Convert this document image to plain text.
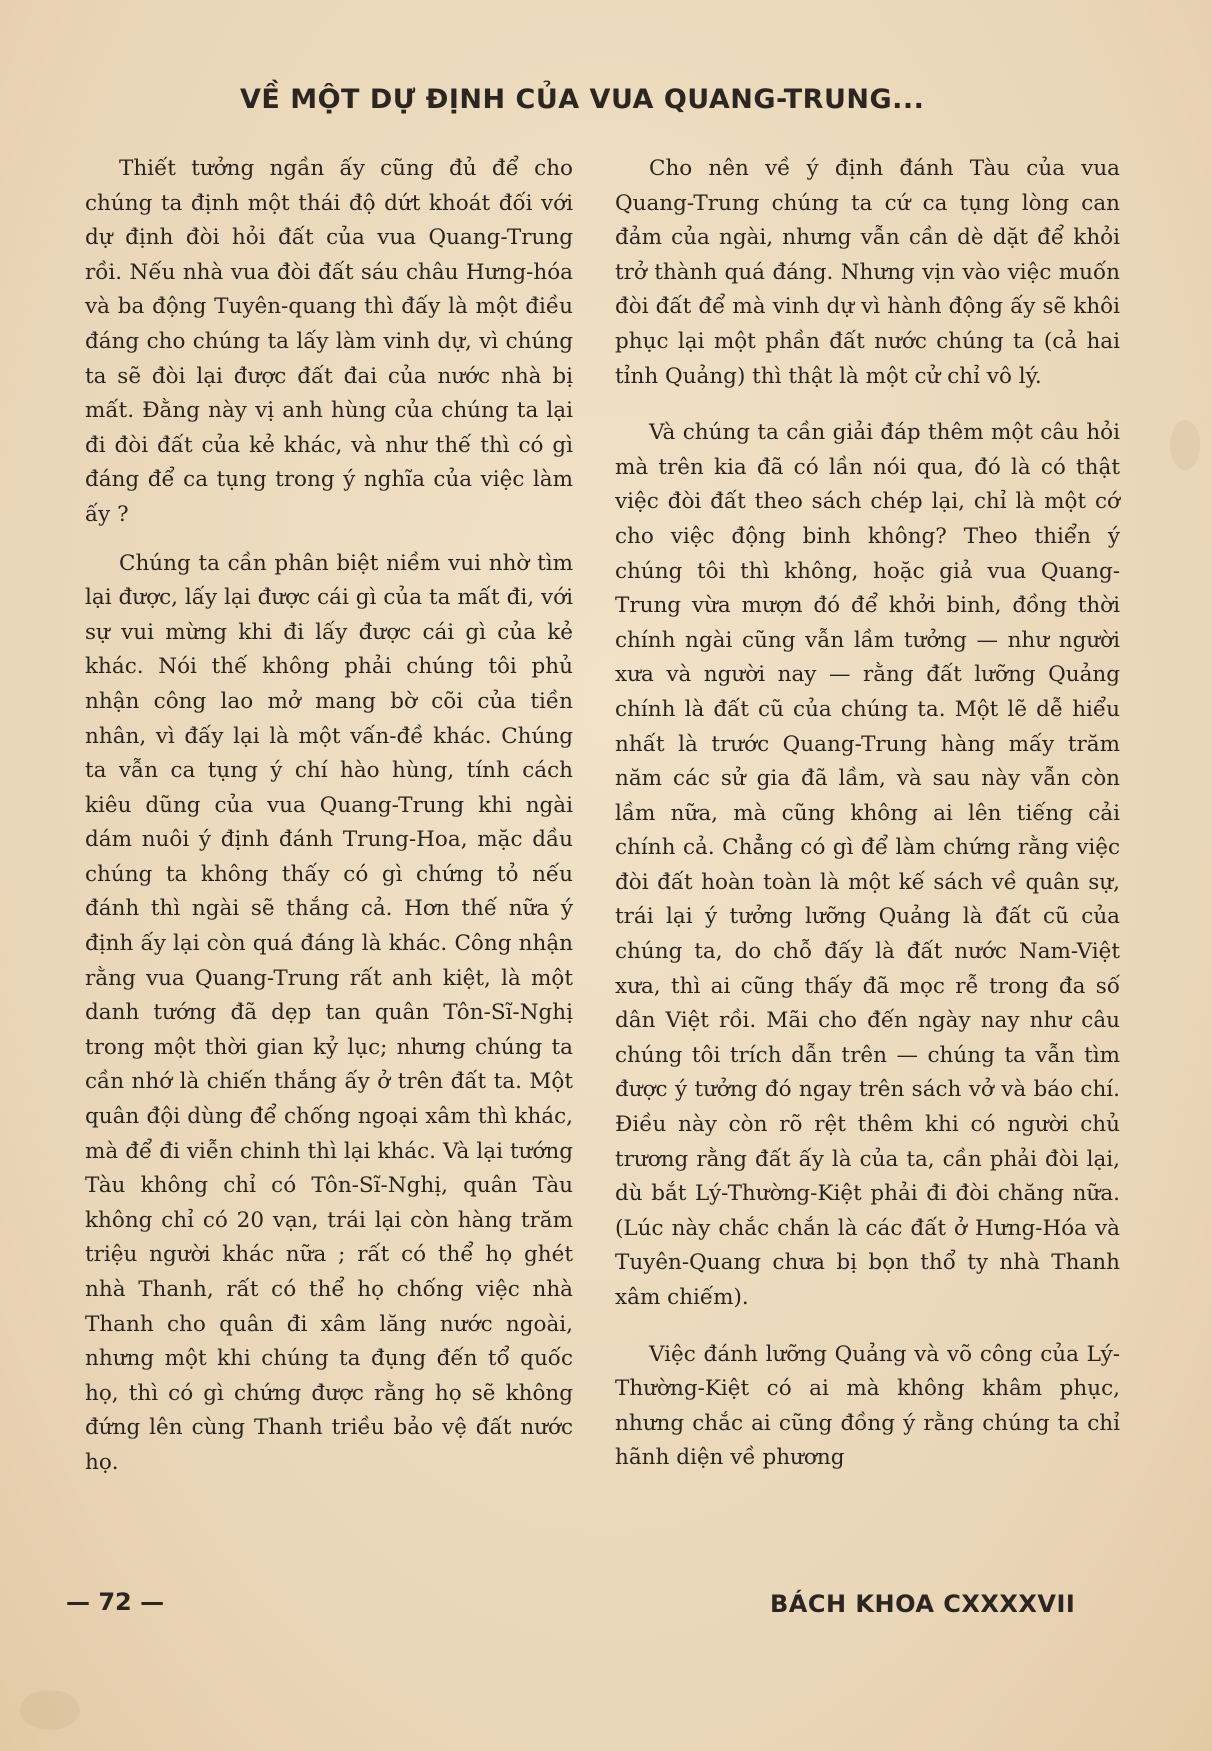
VỀ MỘT DỰ ĐỊNH CỦA VUA QUANG-TRUNG...

Thiết tưởng ngần ấy cũng đủ để cho chúng ta định một thái độ dứt khoát đối với dự định đòi hỏi đất của vua Quang-Trung rồi. Nếu nhà vua đòi đất sáu châu Hưng-hóa và ba động Tuyên-quang thì đấy là một điều đáng cho chúng ta lấy làm vinh dự, vì chúng ta sẽ đòi lại được đất đai của nước nhà bị mất. Đằng này vị anh hùng của chúng ta lại đi đòi đất của kẻ khác, và như thế thì có gì đáng để ca tụng trong ý nghĩa của việc làm ấy ?

Chúng ta cần phân biệt niềm vui nhờ tìm lại được, lấy lại được cái gì của ta mất đi, với sự vui mừng khi đi lấy được cái gì của kẻ khác. Nói thế không phải chúng tôi phủ nhận công lao mở mang bờ cõi của tiền nhân, vì đấy lại là một vấn-đề khác. Chúng ta vẫn ca tụng ý chí hào hùng, tính cách kiêu dũng của vua Quang-Trung khi ngài dám nuôi ý định đánh Trung-Hoa, mặc dầu chúng ta không thấy có gì chứng tỏ nếu đánh thì ngài sẽ thắng cả. Hơn thế nữa ý định ấy lại còn quá đáng là khác. Công nhận rằng vua Quang-Trung rất anh kiệt, là một danh tướng đã dẹp tan quân Tôn-Sĩ-Nghị trong một thời gian kỷ lục; nhưng chúng ta cần nhớ là chiến thắng ấy ở trên đất ta. Một quân đội dùng để chống ngoại xâm thì khác, mà để đi viễn chinh thì lại khác. Và lại tướng Tàu không chỉ có Tôn-Sĩ-Nghị, quân Tàu không chỉ có 20 vạn, trái lại còn hàng trăm triệu người khác nữa ; rất có thể họ ghét nhà Thanh, rất có thể họ chống việc nhà Thanh cho quân đi xâm lăng nước ngoài, nhưng một khi chúng ta đụng đến tổ quốc họ, thì có gì chứng được rằng họ sẽ không đứng lên cùng Thanh triều bảo vệ đất nước họ.

Cho nên về ý định đánh Tàu của vua Quang-Trung chúng ta cứ ca tụng lòng can đảm của ngài, nhưng vẫn cần dè dặt để khỏi trở thành quá đáng. Nhưng vịn vào việc muốn đòi đất để mà vinh dự vì hành động ấy sẽ khôi phục lại một phần đất nước chúng ta (cả hai tỉnh Quảng) thì thật là một cử chỉ vô lý.

Và chúng ta cần giải đáp thêm một câu hỏi mà trên kia đã có lần nói qua, đó là có thật việc đòi đất theo sách chép lại, chỉ là một cớ cho việc động binh không? Theo thiển ý chúng tôi thì không, hoặc giả vua Quang-Trung vừa mượn đó để khởi binh, đồng thời chính ngài cũng vẫn lầm tưởng — như người xưa và người nay — rằng đất lưỡng Quảng chính là đất cũ của chúng ta. Một lẽ dễ hiểu nhất là trước Quang-Trung hàng mấy trăm năm các sử gia đã lầm, và sau này vẫn còn lầm nữa, mà cũng không ai lên tiếng cải chính cả. Chẳng có gì để làm chứng rằng việc đòi đất hoàn toàn là một kế sách về quân sự, trái lại ý tưởng lưỡng Quảng là đất cũ của chúng ta, do chỗ đấy là đất nước Nam-Việt xưa, thì ai cũng thấy đã mọc rễ trong đa số dân Việt rồi. Mãi cho đến ngày nay như câu chúng tôi trích dẫn trên — chúng ta vẫn tìm được ý tưởng đó ngay trên sách vở và báo chí. Điều này còn rõ rệt thêm khi có người chủ trương rằng đất ấy là của ta, cần phải đòi lại, dù bắt Lý-Thường-Kiệt phải đi đòi chăng nữa. (Lúc này chắc chắn là các đất ở Hưng-Hóa và Tuyên-Quang chưa bị bọn thổ ty nhà Thanh xâm chiếm).

Việc đánh lưỡng Quảng và võ công của Lý-Thường-Kiệt có ai mà không khâm phục, nhưng chắc ai cũng đồng ý rằng chúng ta chỉ hãnh diện về phương

— 72 —	BÁCH KHOA CXXXXVII
